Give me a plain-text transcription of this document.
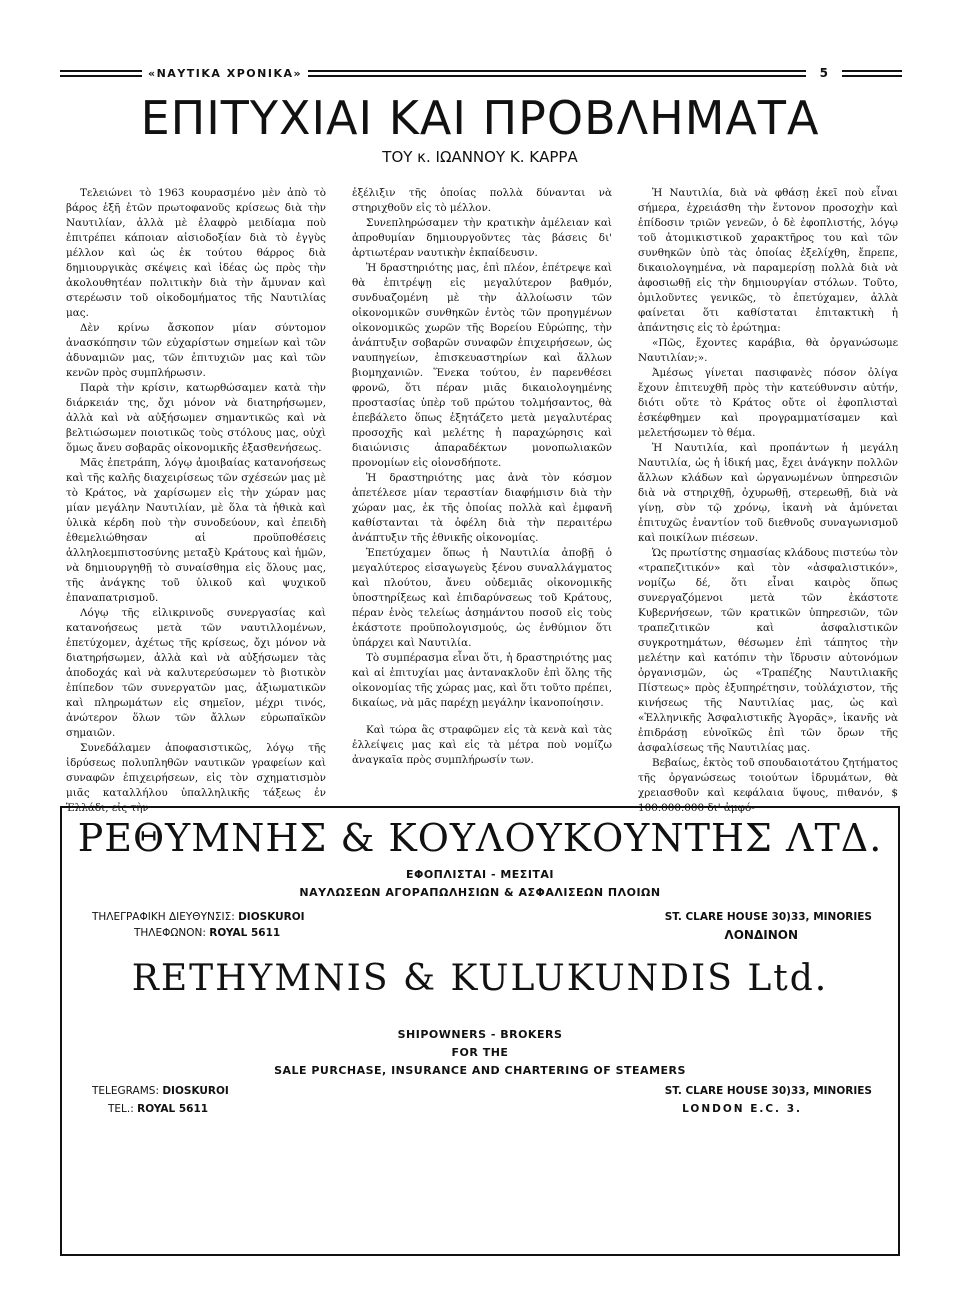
«ΝΑΥΤΙΚΑ ΧΡΟΝΙΚΑ»	5
ΕΠΙΤΥΧΙΑΙ ΚΑΙ ΠΡΟΒΛΗΜΑΤΑ
ΤΟΥ κ. ΙΩΑΝΝΟΥ Κ. ΚΑΡΡΑ

Τελειώνει τὸ 1963 κουρασμένο μὲν ἀπὸ τὸ βάρος ἑξῆ ἐτῶν πρωτοφανοῦς κρίσεως διὰ τὴν Ναυτιλίαν, ἀλλὰ μὲ ἐλαφρὸ μειδίαμα ποὺ ἐπιτρέπει κάποιαν αἰσιοδοξίαν διὰ τὸ ἐγγὺς μέλλον καὶ ὡς ἐκ τούτου θάρρος διὰ δημιουργικὰς σκέψεις καὶ ἰδέας ὡς πρὸς τὴν ἀκολουθητέαν πολιτικὴν διὰ τὴν ἄμυναν καὶ στερέωσιν τοῦ οἰκοδομήματος τῆς Ναυτιλίας μας.

Δὲν κρίνω ἄσκοπον μίαν σύντομον ἀνασκόπησιν τῶν εὐχαρίστων σημείων καὶ τῶν ἀδυναμιῶν μας, τῶν ἐπιτυχιῶν μας καὶ τῶν κενῶν πρὸς συμπλήρωσιν.

Παρὰ τὴν κρίσιν, κατωρθώσαμεν κατὰ τὴν διάρκειάν της, ὄχι μόνον νὰ διατηρήσωμεν, ἀλλὰ καὶ νὰ αὐξήσωμεν σημαντικῶς καὶ νὰ βελτιώσωμεν ποιοτικῶς τοὺς στόλους μας, οὐχὶ ὅμως ἄνευ σοβαρᾶς οἰκονομικῆς ἐξασθενήσεως.

Μᾶς ἐπετράπη, λόγῳ ἀμοιβαίας κατανοήσεως καὶ τῆς καλῆς διαχειρίσεως τῶν σχέσεών μας μὲ τὸ Κράτος, νὰ χαρίσωμεν εἰς τὴν χώραν μας μίαν μεγάλην Ναυτιλίαν, μὲ ὅλα τὰ ἠθικὰ καὶ ὑλικὰ κέρδη ποὺ τὴν συνοδεύουν, καὶ ἐπειδὴ ἐθεμελιώθησαν αἱ προϋποθέσεις ἀλληλοεμπιστοσύνης μεταξὺ Κράτους καὶ ἡμῶν, νὰ δημιουργηθῇ τὸ συναίσθημα εἰς ὅλους μας, τῆς ἀνάγκης τοῦ ὑλικοῦ καὶ ψυχικοῦ ἐπαναπατρισμοῦ.

Λόγῳ τῆς εἰλικρινοῦς συνεργασίας καὶ κατανοήσεως μετὰ τῶν ναυτιλλομένων, ἐπετύχομεν, ἀχέτως τῆς κρίσεως, ὄχι μόνον νὰ διατηρήσωμεν, ἀλλὰ καὶ νὰ αὐξήσωμεν τὰς ἀποδοχάς καὶ νὰ καλυτερεύσωμεν τὸ βιοτικὸν ἐπίπεδον τῶν συνεργατῶν μας, ἀξιωματικῶν καὶ πληρωμάτων εἰς σημεῖον, μέχρι τινός, ἀνώτερον ὅλων τῶν ἄλλων εὐρωπαϊκῶν σημαιῶν.

Συνεδάλαμεν ἀποφασιστικῶς, λόγῳ τῆς ἱδρύσεως πολυπληθῶν ναυτικῶν γραφείων καὶ συναφῶν ἐπιχειρήσεων, εἰς τὸν σχηματισμὸν μιᾶς καταλλήλου ὑπαλληλικῆς τάξεως ἐν Ἑλλάδι, εἰς τὴν

ἐξέλιξιν τῆς ὁποίας πολλὰ δύνανται νὰ στηριχθοῦν εἰς τὸ μέλλον.

Συνεπληρώσαμεν τὴν κρατικὴν ἀμέλειαν καὶ ἀπροθυμίαν δημιουργοῦντες τὰς βάσεις δι' ἀρτιωτέραν ναυτικὴν ἐκπαίδευσιν.

Ἡ δραστηριότης μας, ἐπὶ πλέον, ἐπέτρεψε καὶ θὰ ἐπιτρέψῃ εἰς μεγαλύτερον βαθμόν, συνδυαζομένη μὲ τὴν ἀλλοίωσιν τῶν οἰκονομικῶν συνθηκῶν ἐντὸς τῶν προηγμένων οἰκονομικῶς χωρῶν τῆς Βορείου Εὐρώπης, τὴν ἀνάπτυξιν σοβαρῶν συναφῶν ἐπιχειρήσεων, ὡς ναυπηγείων, ἐπισκευαστηρίων καὶ ἄλλων βιομηχανιῶν. Ἕνεκα τούτου, ἐν παρενθέσει φρονῶ, ὅτι πέραν μιᾶς δικαιολογημένης προστασίας ὑπὲρ τοῦ πρώτου τολμήσαντος, θὰ ἐπεβάλετο ὅπως ἐξητάζετο μετὰ μεγαλυτέρας προσοχῆς καὶ μελέτης ἡ παραχώρησις καὶ διαιώνισις ἀπαραδέκτων μονοπωλιακῶν προνομίων εἰς οἱονσδήποτε.

Ἡ δραστηριότης μας ἀνὰ τὸν κόσμον ἀπετέλεσε μίαν τεραστίαν διαφήμισιν διὰ τὴν χώραν μας, ἐκ τῆς ὁποίας πολλὰ καὶ ἐμφανῆ καθίστανται τὰ ὀφέλη διὰ τὴν περαιτέρω ἀνάπτυξιν τῆς ἐθνικῆς οἰκονομίας.

Ἐπετύχαμεν ὅπως ἡ Ναυτιλία ἀποβῇ ὁ μεγαλύτερος εἰσαγωγεὺς ξένου συναλλάγματος καὶ πλούτου, ἄνευ οὐδεμιᾶς οἰκονομικῆς ὑποστηρίξεως καὶ ἐπιδαρύνσεως τοῦ Κράτους, πέραν ἑνὸς τελείως ἀσημάντου ποσοῦ εἰς τοὺς ἑκάστοτε προϋπολογισμούς, ὡς ἐνθύμιον ὅτι ὑπάρχει καὶ Ναυτιλία.

Τὸ συμπέρασμα εἶναι ὅτι, ἡ δραστηριότης μας καὶ αἱ ἐπιτυχίαι μας ἀντανακλοῦν ἐπὶ ὅλης τῆς οἰκονομίας τῆς χώρας μας, καὶ ὅτι τοῦτο πρέπει, δικαίως, νὰ μᾶς παρέχῃ μεγάλην ἱκανοποίησιν.

Καὶ τώρα ἂς στραφῶμεν εἰς τὰ κενὰ καὶ τὰς ἐλλείψεις μας καὶ εἰς τὰ μέτρα ποὺ νομίζω ἀναγκαῖα πρὸς συμπλήρωσίν των.

Ἡ Ναυτιλία, διὰ νὰ φθάσῃ ἐκεῖ ποὺ εἶναι σήμερα, ἐχρειάσθη τὴν ἔντονον προσοχὴν καὶ ἐπίδοσιν τριῶν γενεῶν, ὁ δὲ ἐφοπλιστής, λόγῳ τοῦ ἀτομικιστικοῦ χαρακτῆρος του καὶ τῶν συνθηκῶν ὑπὸ τὰς ὁποίας ἐξελίχθη, ἔπρεπε, δικαιολογημένα, νὰ παραμερίσῃ πολλὰ διὰ νὰ ἀφοσιωθῇ εἰς τὴν δημιουργίαν στόλων. Τοῦτο, ὁμιλοῦντες γενικῶς, τὸ ἐπετύχαμεν, ἀλλὰ φαίνεται ὅτι καθίσταται ἐπιτακτικὴ ἡ ἀπάντησις εἰς τὸ ἐρώτημα:

«Πῶς, ἔχοντες καράβια, θὰ ὀργανώσωμε Ναυτιλίαν;».

Ἀμέσως γίνεται πασιφανὲς πόσον ὀλίγα ἔχουν ἐπιτευχθῆ πρὸς τὴν κατεύθυνσιν αὐτήν, διότι οὔτε τὸ Κράτος οὔτε οἱ ἐφοπλισταὶ ἐσκέφθημεν καὶ προγραμματίσαμεν καὶ μελετήσωμεν τὸ θέμα.

Ἡ Ναυτιλία, καὶ προπάντων ἡ μεγάλη Ναυτιλία, ὡς ἡ ἰδική μας, ἔχει ἀνάγκην πολλῶν ἄλλων κλάδων καὶ ὠργανωμένων ὑπηρεσιῶν διὰ νὰ στηριχθῇ, ὀχυρωθῇ, στερεωθῇ, διὰ νὰ γίνῃ, σὺν τῷ χρόνῳ, ἱκανὴ νὰ ἀμύνεται ἐπιτυχῶς ἐναντίον τοῦ διεθνοῦς συναγωνισμοῦ καὶ ποικίλων πιέσεων.

Ὡς πρωτίστης σημασίας κλάδους πιστεύω τὸν «τραπεζιτικόν» καὶ τὸν «ἀσφαλιστικόν», νομίζω δέ, ὅτι εἶναι καιρὸς ὅπως συνεργαζόμενοι μετὰ τῶν ἑκάστοτε Κυβερνήσεων, τῶν κρατικῶν ὑπηρεσιῶν, τῶν τραπεζιτικῶν καὶ ἀσφαλιστικῶν συγκροτημάτων, θέσωμεν ἐπὶ τάπητος τὴν μελέτην καὶ κατόπιν τὴν ἵδρυσιν αὐτονόμων ὀργανισμῶν, ὡς «Τραπέζης Ναυτιλιακῆς Πίστεως» πρὸς ἐξυπηρέτησιν, τοὐλάχιστον, τῆς κινήσεως τῆς Ναυτιλίας μας, ὡς καὶ «Ἑλληνικῆς Ἀσφαλιστικῆς Ἀγορᾶς», ἱκανῆς νὰ ἐπιδράσῃ εὐνοϊκῶς ἐπὶ τῶν ὅρων τῆς ἀσφαλίσεως τῆς Ναυτιλίας μας.

Βεβαίως, ἐκτὸς τοῦ σπουδαιοτάτου ζητήματος τῆς ὀργανώσεως τοιούτων ἱδρυμάτων, θὰ χρειασθοῦν καὶ κεφάλαια ὕψους, πιθανόν, $ 100.000.000 δι' ἀμφό-

ΡΕΘΥΜΝΗΣ & ΚΟΥΛΟΥΚΟΥΝΤΗΣ ΛΤΔ.
ΕΦΟΠΛΙΣΤΑΙ - ΜΕΣΙΤΑΙ
ΝΑΥΛΩΣΕΩΝ ΑΓΟΡΑΠΩΛΗΣΙΩΝ & ΑΣΦΑΛΙΣΕΩΝ ΠΛΟΙΩΝ
ΤΗΛΕΓΡΑΦΙΚΗ ΔΙΕΥΘΥΝΣΙΣ: DIOSKUROI
ΤΗΛΕΦΩΝΟΝ: ROYAL 5611
ST. CLARE HOUSE 30)33, MINORIES
ΛΟΝΔΙΝΟΝ
RETHYMNIS & KULUKUNDIS Ltd.
SHIPOWNERS - BROKERS
FOR THE
SALE PURCHASE, INSURANCE AND CHARTERING OF STEAMERS
TELEGRAMS: DIOSKUROI
TEL.: ROYAL 5611
ST. CLARE HOUSE 30)33, MINORIES
LONDON E.C. 3.
